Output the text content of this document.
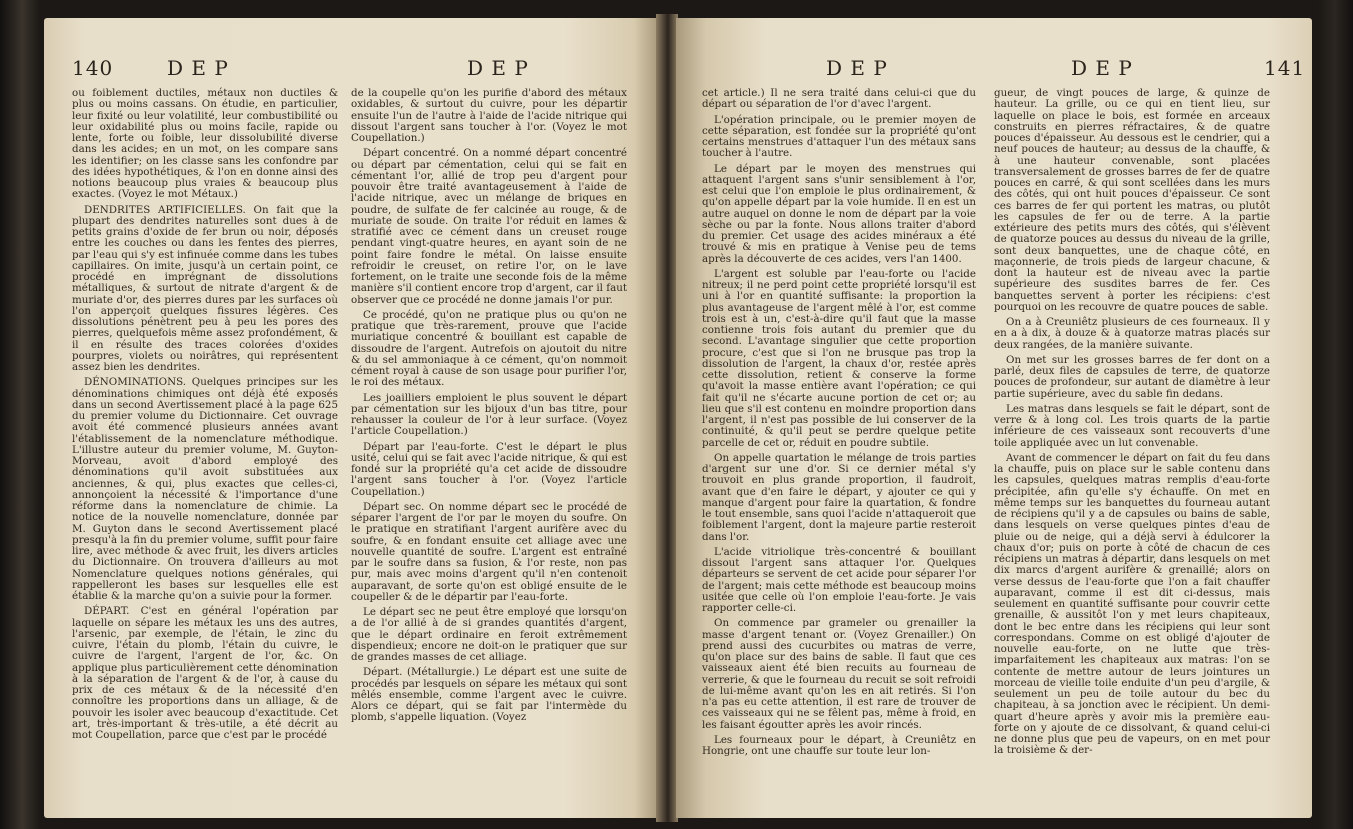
140	D E P	D E P

ou foiblement ductiles, métaux non ductiles & plus ou moins cassans. On étudie, en particulier, leur fixité ou leur volatilité, leur combustibilité ou leur oxidabilité plus ou moins facile, rapide ou lente, forte ou foible, leur dissolubilité diverse dans les acides; en un mot, on les compare sans les identifier; on les classe sans les confondre par des idées hypothétiques, & l'on en donne ainsi des notions beaucoup plus vraies & beaucoup plus exactes. (Voyez le mot Métaux.)

DENDRITES ARTIFICIELLES. On fait que la plupart des dendrites naturelles sont dues à de petits grains d'oxide de fer brun ou noir, déposés entre les couches ou dans les fentes des pierres, par l'eau qui s'y est infinuée comme dans les tubes capillaires. On imite, jusqu'à un certain point, ce procédé en imprégnant de dissolutions métalliques, & surtout de nitrate d'argent & de muriate d'or, des pierres dures par les surfaces où l'on apperçoit quelques fissures légères. Ces dissolutions pénètrent peu à peu les pores des pierres, quelquefois même assez profondément, & il en résulte des traces colorées d'oxides pourpres, violets ou noirâtres, qui représentent assez bien les dendrites.

DÉNOMINATIONS. Quelques principes sur les dénominations chimiques ont déjà été exposés dans un second Avertissement placé à la page 625 du premier volume du Dictionnaire. Cet ouvrage avoit été commencé plusieurs années avant l'établissement de la nomenclature méthodique. L'illustre auteur du premier volume, M. Guyton-Morveau, avoit d'abord employé des dénominations qu'il avoit substituées aux anciennes, & qui, plus exactes que celles-ci, annonçoient la nécessité & l'importance d'une réforme dans la nomenclature de chimie. La notice de la nouvelle nomenclature, donnée par M. Guyton dans le second Avertissement placé presqu'à la fin du premier volume, suffit pour faire lire, avec méthode & avec fruit, les divers articles du Dictionnaire. On trouvera d'ailleurs au mot Nomenclature quelques notions générales, qui rappelleront les bases sur lesquelles elle est établie & la marche qu'on a suivie pour la former.

DÉPART. C'est en général l'opération par laquelle on sépare les métaux les uns des autres, l'arsenic, par exemple, de l'étain, le zinc du cuivre, l'étain du plomb, l'étain du cuivre, le cuivre de l'argent, l'argent de l'or, &c. On applique plus particulièrement cette dénomination à la séparation de l'argent & de l'or, à cause du prix de ces métaux & de la nécessité d'en connoître les proportions dans un alliage, & de pouvoir les isoler avec beaucoup d'exactitude. Cet art, très-important & très-utile, a été décrit au mot Coupellation, parce que c'est par le procédé

de la coupelle qu'on les purifie d'abord des métaux oxidables, & surtout du cuivre, pour les départir ensuite l'un de l'autre à l'aide de l'acide nitrique qui dissout l'argent sans toucher à l'or. (Voyez le mot Coupellation.)

Départ concentré. On a nommé départ concentré ou départ par cémentation, celui qui se fait en cémentant l'or, allié de trop peu d'argent pour pouvoir être traité avantageusement à l'aide de l'acide nitrique, avec un mélange de briques en poudre, de sulfate de fer calcinée au rouge, & de muriate de soude. On traite l'or réduit en lames & stratifié avec ce cément dans un creuset rouge pendant vingt-quatre heures, en ayant soin de ne point faire fondre le métal. On laisse ensuite refroidir le creuset, on retire l'or, on le lave fortement, on le traite une seconde fois de la même manière s'il contient encore trop d'argent, car il faut observer que ce procédé ne donne jamais l'or pur.

Ce procédé, qu'on ne pratique plus ou qu'on ne pratique que très-rarement, prouve que l'acide muriatique concentré & bouillant est capable de dissoudre de l'argent. Autrefois on ajoutoit du nitre & du sel ammoniaque à ce cément, qu'on nommoit cément royal à cause de son usage pour purifier l'or, le roi des métaux.

Les joailliers emploient le plus souvent le départ par cémentation sur les bijoux d'un bas titre, pour rehausser la couleur de l'or à leur surface. (Voyez l'article Coupellation.)

Départ par l'eau-forte. C'est le départ le plus usité, celui qui se fait avec l'acide nitrique, & qui est fondé sur la propriété qu'a cet acide de dissoudre l'argent sans toucher à l'or. (Voyez l'article Coupellation.)

Départ sec. On nomme départ sec le procédé de séparer l'argent de l'or par le moyen du soufre. On le pratique en stratifiant l'argent aurifère avec du soufre, & en fondant ensuite cet alliage avec une nouvelle quantité de soufre. L'argent est entraîné par le soufre dans sa fusion, & l'or reste, non pas pur, mais avec moins d'argent qu'il n'en contenoit auparavant, de sorte qu'on est obligé ensuite de le coupeller & de le départir par l'eau-forte.

Le départ sec ne peut être employé que lorsqu'on a de l'or allié à de si grandes quantités d'argent, que le départ ordinaire en feroit extrêmement dispendieux; encore ne doit-on le pratiquer que sur de grandes masses de cet alliage.

Départ. (Métallurgie.) Le départ est une suite de procédés par lesquels on sépare les métaux qui sont mêlés ensemble, comme l'argent avec le cuivre. Alors ce départ, qui se fait par l'intermède du plomb, s'appelle liquation. (Voyez

D E P	D E P	141

cet article.) Il ne sera traité dans celui-ci que du départ ou séparation de l'or d'avec l'argent.

L'opération principale, ou le premier moyen de cette séparation, est fondée sur la propriété qu'ont certains menstrues d'attaquer l'un des métaux sans toucher à l'autre.

Le départ par le moyen des menstrues qui attaquent l'argent sans s'unir sensiblement à l'or, est celui que l'on emploie le plus ordinairement, & qu'on appelle départ par la voie humide. Il en est un autre auquel on donne le nom de départ par la voie sèche ou par la fonte. Nous allons traiter d'abord du premier. Cet usage des acides minéraux a été trouvé & mis en pratique à Venise peu de tems après la découverte de ces acides, vers l'an 1400.

L'argent est soluble par l'eau-forte ou l'acide nitreux; il ne perd point cette propriété lorsqu'il est uni à l'or en quantité suffisante: la proportion la plus avantageuse de l'argent mêlé à l'or, est comme trois est à un, c'est-à-dire qu'il faut que la masse contienne trois fois autant du premier que du second. L'avantage singulier que cette proportion procure, c'est que si l'on ne brusque pas trop la dissolution de l'argent, la chaux d'or, restée après cette dissolution, retient & conserve la forme qu'avoit la masse entière avant l'opération; ce qui fait qu'il ne s'écarte aucune portion de cet or; au lieu que s'il est contenu en moindre proportion dans l'argent, il n'est pas possible de lui conserver de la continuité, & qu'il peut se perdre quelque petite parcelle de cet or, réduit en poudre subtile.

On appelle quartation le mélange de trois parties d'argent sur une d'or. Si ce dernier métal s'y trouvoit en plus grande proportion, il faudroit, avant que d'en faire le départ, y ajouter ce qui y manque d'argent pour faire la quartation, & fondre le tout ensemble, sans quoi l'acide n'attaqueroit que foiblement l'argent, dont la majeure partie resteroit dans l'or.

L'acide vitriolique très-concentré & bouillant dissout l'argent sans attaquer l'or. Quelques départeurs se servent de cet acide pour séparer l'or de l'argent; mais cette méthode est beaucoup moins usitée que celle où l'on emploie l'eau-forte. Je vais rapporter celle-ci.

On commence par grameler ou grenailler la masse d'argent tenant or. (Voyez Grenailler.) On prend aussi des cucurbites ou matras de verre, qu'on place sur des bains de sable. Il faut que ces vaisseaux aient été bien recuits au fourneau de verrerie, & que le fourneau du recuit se soit refroidi de lui-même avant qu'on les en ait retirés. Si l'on n'a pas eu cette attention, il est rare de trouver de ces vaisseaux qui ne se fêlent pas, même à froid, en les faisant égoutter après les avoir rincés.

Les fourneaux pour le départ, à Creuniêtz en Hongrie, ont une chauffe sur toute leur lon-

gueur, de vingt pouces de large, & quinze de hauteur. La grille, ou ce qui en tient lieu, sur laquelle on place le bois, est formée en arceaux construits en pierres réfractaires, & de quatre pouces d'épaisseur. Au dessous est le cendrier, qui a neuf pouces de hauteur; au dessus de la chauffe, & à une hauteur convenable, sont placées transversalement de grosses barres de fer de quatre pouces en carré, & qui sont scellées dans les murs des côtés, qui ont huit pouces d'épaisseur. Ce sont ces barres de fer qui portent les matras, ou plutôt les capsules de fer ou de terre. A la partie extérieure des petits murs des côtés, qui s'élèvent de quatorze pouces au dessus du niveau de la grille, sont deux banquettes, une de chaque côté, en maçonnerie, de trois pieds de largeur chacune, & dont la hauteur est de niveau avec la partie supérieure des susdites barres de fer. Ces banquettes servent à porter les récipiens: c'est pourquoi on les recouvre de quatre pouces de sable.

On a à Creuniêtz plusieurs de ces fourneaux. Il y en a à dix, à douze & à quatorze matras placés sur deux rangées, de la manière suivante.

On met sur les grosses barres de fer dont on a parlé, deux files de capsules de terre, de quatorze pouces de profondeur, sur autant de diamètre à leur partie supérieure, avec du sable fin dedans.

Les matras dans lesquels se fait le départ, sont de verre & à long col. Les trois quarts de la partie inférieure de ces vaisseaux sont recouverts d'une toile appliquée avec un lut convenable.

Avant de commencer le départ on fait du feu dans la chauffe, puis on place sur le sable contenu dans les capsules, quelques matras remplis d'eau-forte précipitée, afin qu'elle s'y échauffe. On met en même temps sur les banquettes du fourneau autant de récipiens qu'il y a de capsules ou bains de sable, dans lesquels on verse quelques pintes d'eau de pluie ou de neige, qui a déjà servi à édulcorer la chaux d'or; puis on porte à côté de chacun de ces récipiens un matras à départir, dans lesquels on met dix marcs d'argent aurifère & grenaillé; alors on verse dessus de l'eau-forte que l'on a fait chauffer auparavant, comme il est dit ci-dessus, mais seulement en quantité suffisante pour couvrir cette grenaille, & aussitôt l'on y met leurs chapiteaux, dont le bec entre dans les récipiens qui leur sont correspondans. Comme on est obligé d'ajouter de nouvelle eau-forte, on ne lutte que très-imparfaitement les chapiteaux aux matras: l'on se contente de mettre autour de leurs jointures un morceau de vieille toile enduite d'un peu d'argile, & seulement un peu de toile autour du bec du chapiteau, à sa jonction avec le récipient. Un demi-quart d'heure après y avoir mis la première eau-forte on y ajoute de ce dissolvant, & quand celui-ci ne donne plus que peu de vapeurs, on en met pour la troisième & der-
